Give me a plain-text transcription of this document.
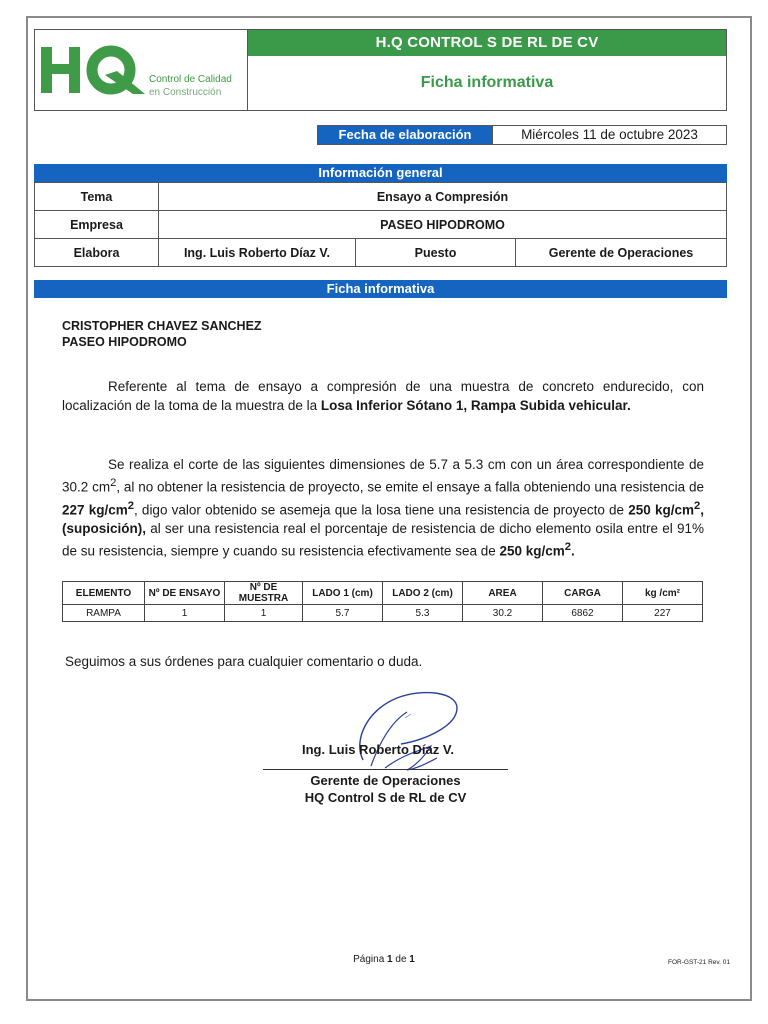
Control de Calidad
en Construcción
H.Q CONTROL S DE RL DE CV
Ficha informativa
Fecha de elaboración	Miércoles 11 de octubre 2023
Información general
Tema	Ensayo a Compresión		
Empresa	PASEO HIPODROMO		
Elabora	Ing. Luis Roberto Díaz V.	Puesto	Gerente de Operaciones
Ficha informativa
CRISTOPHER CHAVEZ SANCHEZ
PASEO HIPODROMO

Referente al tema de ensayo a compresión de una muestra de concreto endurecido, con localización de la toma de la muestra de la Losa Inferior Sótano 1, Rampa Subida vehicular.

Se realiza el corte de las siguientes dimensiones de 5.7 a 5.3 cm con un área correspondiente de 30.2 $cm^2$, al no obtener la resistencia de proyecto, se emite el ensaye a falla obteniendo una resistencia de 227 $kg/cm^2$, digo valor obtenido se asemeja que la losa tiene una resistencia de proyecto de 250 $kg/cm^2$, (suposición), al ser una resistencia real el porcentaje de resistencia de dicho elemento osila entre el 91% de su resistencia, siempre y cuando su resistencia efectivamente sea de 250 $kg/cm^2$.

ELEMENTO	Nº DE ENSAYO	Nº DE MUESTRA	LADO 1 (cm)	LADO 2 (cm)	AREA	CARGA	kg /cm²
RAMPA	1	1	5.7	5.3	30.2	6862	227
Seguimos a sus órdenes para cualquier comentario o duda.
Ing. Luis Roberto Díaz V.
Gerente de Operaciones
HQ Control S de RL de CV
Página 1 de 1	FOR-GST-21 Rev. 01
